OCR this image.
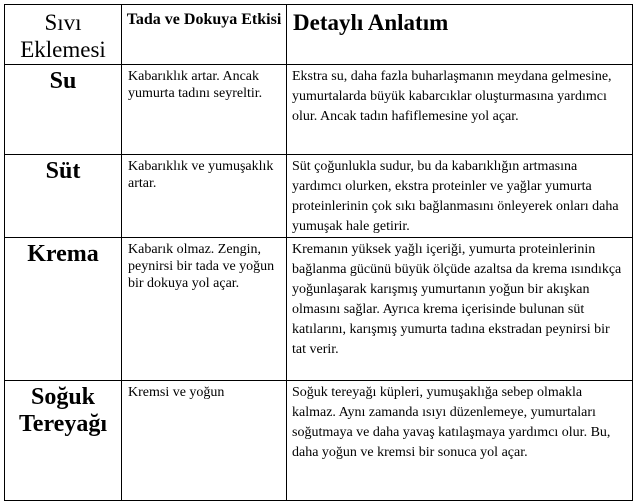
Sıvı Eklemesi	Tada ve Dokuya Etkisi	Detaylı Anlatım

Su	Kabarıklık artar. Ancak yumurta tadını seyreltir.	Ekstra su, daha fazla buharlaşmanın meydana gelmesine, yumurtalarda büyük kabarcıklar oluşturmasına yardımcı olur. Ancak tadın hafiflemesine yol açar.

Süt	Kabarıklık ve yumuşaklık artar.	Süt çoğunlukla sudur, bu da kabarıklığın artmasına yardımcı olurken, ekstra proteinler ve yağlar yumurta proteinlerinin çok sıkı bağlanmasını önleyerek onları daha yumuşak hale getirir.

Krema	Kabarık olmaz. Zengin, peynirsi bir tada ve yoğun bir dokuya yol açar.	Kremanın yüksek yağlı içeriği, yumurta proteinlerinin bağlanma gücünü büyük ölçüde azaltsa da krema ısındıkça yoğunlaşarak karışmış yumurtanın yoğun bir akışkan olmasını sağlar. Ayrıca krema içerisinde bulunan süt katılarını, karışmış yumurta tadına ekstradan peynirsi bir tat verir.

Soğuk Tereyağı	Kremsi ve yoğun	Soğuk tereyağı küpleri, yumuşaklığa sebep olmakla kalmaz. Aynı zamanda ısıyı düzenlemeye, yumurtaları soğutmaya ve daha yavaş katılaşmaya yardımcı olur. Bu, daha yoğun ve kremsi bir sonuca yol açar.
